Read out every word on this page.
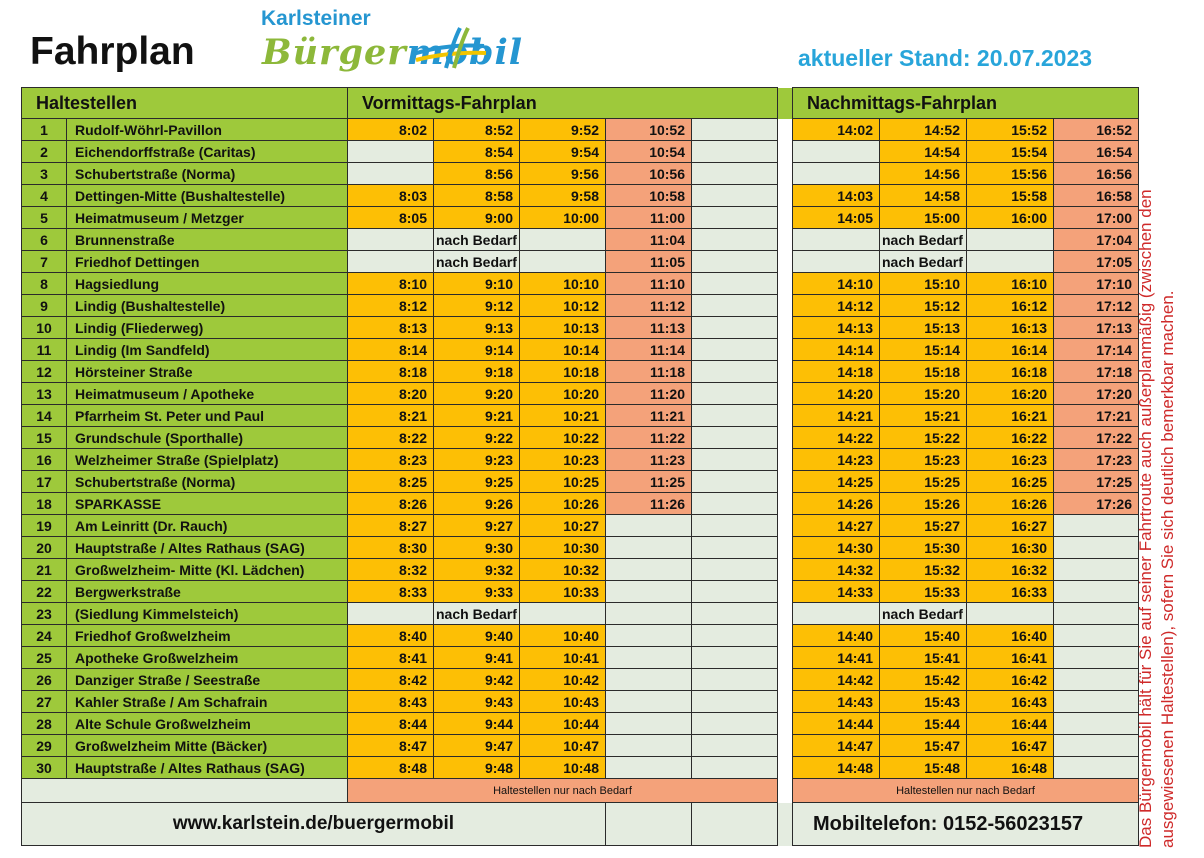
Fahrplan
Karlsteiner
Bürgermobil	aktueller Stand: 20.07.2023
Haltestellen		Vormittags-Fahrplan						Nachmittags-Fahrplan			
1	Rudolf-Wöhrl-Pavillon	8:02	8:52	9:52	10:52			14:02	14:52	15:52	16:52
2	Eichendorffstraße (Caritas)		8:54	9:54	10:54				14:54	15:54	16:54
3	Schubertstraße (Norma)		8:56	9:56	10:56				14:56	15:56	16:56
4	Dettingen-Mitte (Bushaltestelle)	8:03	8:58	9:58	10:58			14:03	14:58	15:58	16:58
5	Heimatmuseum / Metzger	8:05	9:00	10:00	11:00			14:05	15:00	16:00	17:00
6	Brunnenstraße		nach Bedarf		11:04				nach Bedarf		17:04
7	Friedhof Dettingen		nach Bedarf		11:05				nach Bedarf		17:05
8	Hagsiedlung	8:10	9:10	10:10	11:10			14:10	15:10	16:10	17:10
9	Lindig (Bushaltestelle)	8:12	9:12	10:12	11:12			14:12	15:12	16:12	17:12
10	Lindig (Fliederweg)	8:13	9:13	10:13	11:13			14:13	15:13	16:13	17:13
11	Lindig (Im Sandfeld)	8:14	9:14	10:14	11:14			14:14	15:14	16:14	17:14
12	Hörsteiner Straße	8:18	9:18	10:18	11:18			14:18	15:18	16:18	17:18
13	Heimatmuseum / Apotheke	8:20	9:20	10:20	11:20			14:20	15:20	16:20	17:20
14	Pfarrheim St. Peter und Paul	8:21	9:21	10:21	11:21			14:21	15:21	16:21	17:21
15	Grundschule (Sporthalle)	8:22	9:22	10:22	11:22			14:22	15:22	16:22	17:22
16	Welzheimer Straße (Spielplatz)	8:23	9:23	10:23	11:23			14:23	15:23	16:23	17:23
17	Schubertstraße (Norma)	8:25	9:25	10:25	11:25			14:25	15:25	16:25	17:25
18	SPARKASSE	8:26	9:26	10:26	11:26			14:26	15:26	16:26	17:26
19	Am Leinritt (Dr. Rauch)	8:27	9:27	10:27				14:27	15:27	16:27	
20	Hauptstraße / Altes Rathaus (SAG)	8:30	9:30	10:30				14:30	15:30	16:30	
21	Großwelzheim- Mitte (Kl. Lädchen)	8:32	9:32	10:32				14:32	15:32	16:32	
22	Bergwerkstraße	8:33	9:33	10:33				14:33	15:33	16:33	
23	(Siedlung Kimmelsteich)		nach Bedarf						nach Bedarf		
24	Friedhof Großwelzheim	8:40	9:40	10:40				14:40	15:40	16:40	
25	Apotheke Großwelzheim	8:41	9:41	10:41				14:41	15:41	16:41	
26	Danziger Straße / Seestraße	8:42	9:42	10:42				14:42	15:42	16:42	
27	Kahler Straße / Am Schafrain	8:43	9:43	10:43				14:43	15:43	16:43	
28	Alte Schule Großwelzheim	8:44	9:44	10:44				14:44	15:44	16:44	
29	Großwelzheim Mitte (Bäcker)	8:47	9:47	10:47				14:47	15:47	16:47	
30	Hauptstraße / Altes Rathaus (SAG)	8:48	9:48	10:48				14:48	15:48	16:48	
		Haltestellen nur nach Bedarf						Haltestellen nur nach Bedarf			
www.karlstein.de/buergermobil								Mobiltelefon: 0152-56023157				Das Bürgermobil hält für Sie auf seiner Fahrtroute auch außerplanmäßig (zwischen den ausgewiesenen Haltestellen), sofern Sie sich deutlich bemerkbar machen.
